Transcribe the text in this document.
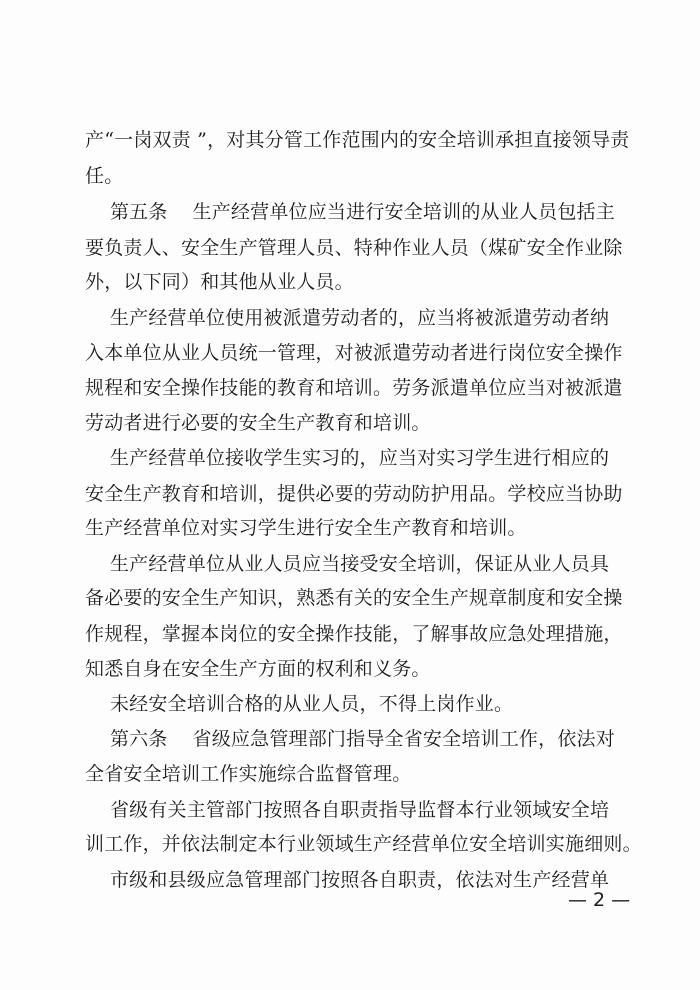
产“一岗双责 ”，对其分管工作范围内的安全培训承担直接领导责
任。
第五条    生产经营单位应当进行安全培训的从业人员包括主
要负责人、安全生产管理人员、特种作业人员（煤矿安全作业除
外，以下同）和其他从业人员。
生产经营单位使用被派遣劳动者的，应当将被派遣劳动者纳
入本单位从业人员统一管理，对被派遣劳动者进行岗位安全操作
规程和安全操作技能的教育和培训。劳务派遣单位应当对被派遣
劳动者进行必要的安全生产教育和培训。
生产经营单位接收学生实习的，应当对实习学生进行相应的
安全生产教育和培训，提供必要的劳动防护用品。学校应当协助
生产经营单位对实习学生进行安全生产教育和培训。
生产经营单位从业人员应当接受安全培训，保证从业人员具
备必要的安全生产知识，熟悉有关的安全生产规章制度和安全操
作规程，掌握本岗位的安全操作技能，了解事故应急处理措施，
知悉自身在安全生产方面的权利和义务。
未经安全培训合格的从业人员，不得上岗作业。
第六条    省级应急管理部门指导全省安全培训工作，依法对
全省安全培训工作实施综合监督管理。
省级有关主管部门按照各自职责指导监督本行业领域安全培
训工作，并依法制定本行业领域生产经营单位安全培训实施细则。
市级和县级应急管理部门按照各自职责，依法对生产经营单
— 2 —
